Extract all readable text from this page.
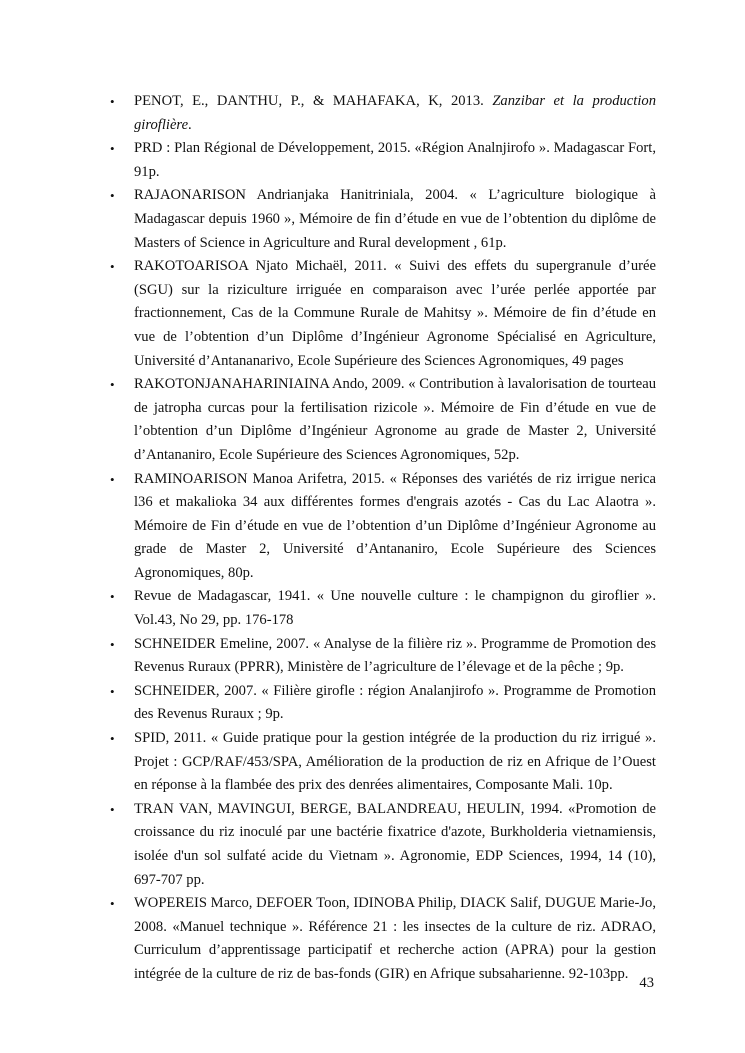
• PENOT, E., DANTHU, P., & MAHAFAKA, K, 2013. Zanzibar et la production giroflière.
• PRD : Plan Régional de Développement, 2015. «Région Analnjirofo ». Madagascar Fort, 91p.
• RAJAONARISON Andrianjaka Hanitriniala, 2004. « L’agriculture biologique à Madagascar depuis 1960 », Mémoire de fin d’étude en vue de l’obtention du diplôme de Masters of Science in Agriculture and Rural development , 61p.
• RAKOTOARISOA Njato Michaël, 2011. « Suivi des effets du supergranule d’urée (SGU) sur la riziculture irriguée en comparaison avec l’urée perlée apportée par fractionnement, Cas de la Commune Rurale de Mahitsy ». Mémoire de fin d’étude en vue de l’obtention d’un Diplôme d’Ingénieur Agronome Spécialisé en Agriculture, Université d’Antananarivo, Ecole Supérieure des Sciences Agronomiques, 49 pages
• RAKOTONJANAHARINIAINA Ando, 2009. « Contribution à lavalorisation de tourteau de jatropha curcas pour la fertilisation rizicole ». Mémoire de Fin d’étude en vue de l’obtention d’un Diplôme d’Ingénieur Agronome au grade de Master 2, Université d’Antananiro, Ecole Supérieure des Sciences Agronomiques, 52p.
• RAMINOARISON Manoa Arifetra, 2015. « Réponses des variétés de riz irrigue nerica l36 et makalioka 34 aux différentes formes d'engrais azotés - Cas du Lac Alaotra ». Mémoire de Fin d’étude en vue de l’obtention d’un Diplôme d’Ingénieur Agronome au grade de Master 2, Université d’Antananiro, Ecole Supérieure des Sciences Agronomiques, 80p.
• Revue de Madagascar, 1941. « Une nouvelle culture : le champignon du giroflier ». Vol.43, No 29, pp. 176-178
• SCHNEIDER Emeline, 2007. « Analyse de la filière riz ». Programme de Promotion des Revenus Ruraux (PPRR), Ministère de l’agriculture de l’élevage et de la pêche ; 9p.
• SCHNEIDER, 2007. « Filière girofle : région Analanjirofo ». Programme de Promotion des Revenus Ruraux ; 9p.
• SPID, 2011. « Guide pratique pour la gestion intégrée de la production du riz irrigué ». Projet : GCP/RAF/453/SPA, Amélioration de la production de riz en Afrique de l’Ouest en réponse à la flambée des prix des denrées alimentaires, Composante Mali. 10p.
• TRAN VAN, MAVINGUI, BERGE, BALANDREAU, HEULIN, 1994. «Promotion de croissance du riz inoculé par une bactérie fixatrice d'azote, Burkholderia vietnamiensis, isolée d'un sol sulfaté acide du Vietnam ». Agronomie, EDP Sciences, 1994, 14 (10), 697-707 pp.
• WOPEREIS Marco, DEFOER Toon, IDINOBA Philip, DIACK Salif, DUGUE Marie-Jo, 2008. «Manuel technique ». Référence 21 : les insectes de la culture de riz. ADRAO, Curriculum d’apprentissage participatif et recherche action (APRA) pour la gestion intégrée de la culture de riz de bas-fonds (GIR) en Afrique subsaharienne. 92-103pp.
43
